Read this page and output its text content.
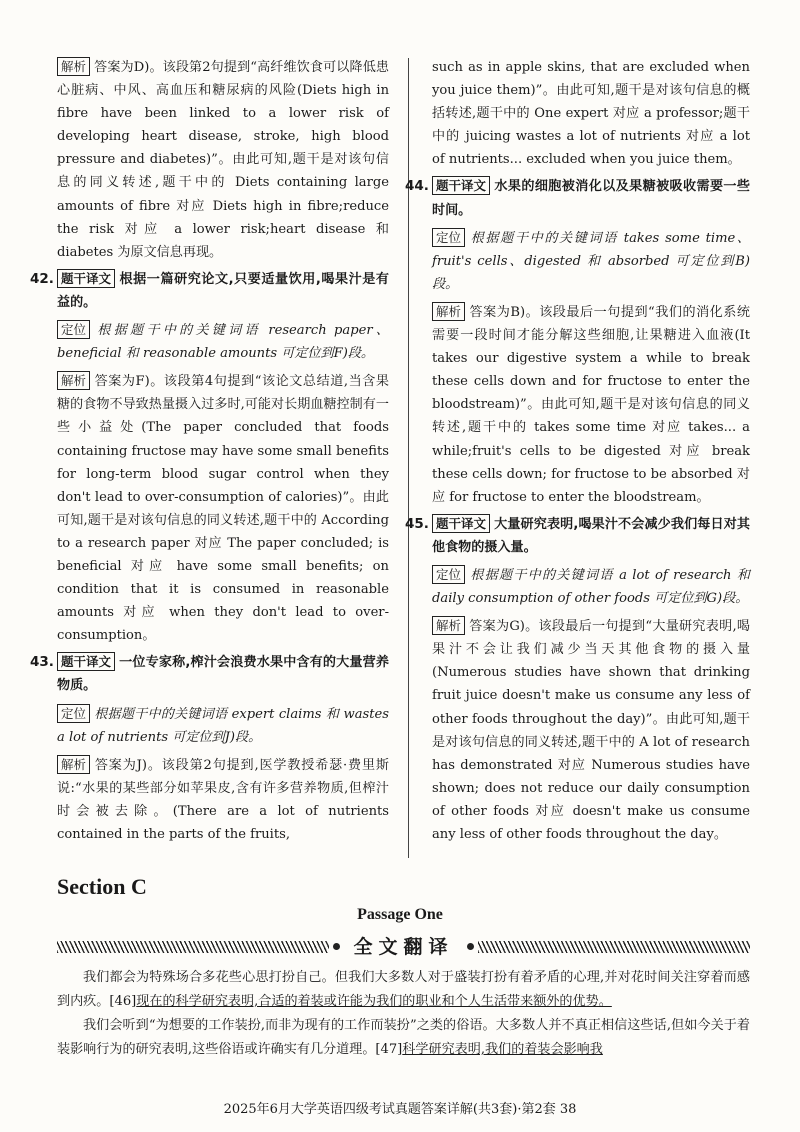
解析 答案为D)。该段第2句提到“高纤维饮食可以降低患心脏病、中风、高血压和糖尿病的风险(Diets high in fibre have been linked to a lower risk of developing heart disease, stroke, high blood pressure and diabetes)”。由此可知,题干是对该句信息的同义转述,题干中的 Diets containing large amounts of fibre 对应 Diets high in fibre;reduce the risk 对应 a lower risk;heart disease 和 diabetes 为原文信息再现。

42. 题干译文 根据一篇研究论文,只要适量饮用,喝果汁是有益的。

定位 根据题干中的关键词语 research paper、beneficial 和 reasonable amounts 可定位到F)段。

解析 答案为F)。该段第4句提到“该论文总结道,当含果糖的食物不导致热量摄入过多时,可能对长期血糖控制有一些小益处(The paper concluded that foods containing fructose may have some small benefits for long-term blood sugar control when they don't lead to over-consumption of calories)”。由此可知,题干是对该句信息的同义转述,题干中的 According to a research paper 对应 The paper concluded; is beneficial 对应 have some small benefits; on condition that it is consumed in reasonable amounts 对应 when they don't lead to over-consumption。

43. 题干译文 一位专家称,榨汁会浪费水果中含有的大量营养物质。

定位 根据题干中的关键词语 expert claims 和 wastes a lot of nutrients 可定位到J)段。

解析 答案为J)。该段第2句提到,医学教授希瑟·费里斯说:“水果的某些部分如苹果皮,含有许多营养物质,但榨汁时会被去除。(There are a lot of nutrients contained in the parts of the fruits,

such as in apple skins, that are excluded when you juice them)”。由此可知,题干是对该句信息的概括转述,题干中的 One expert 对应 a professor;题干中的 juicing wastes a lot of nutrients 对应 a lot of nutrients... excluded when you juice them。

44. 题干译文 水果的细胞被消化以及果糖被吸收需要一些时间。

定位 根据题干中的关键词语 takes some time、fruit's cells、digested 和 absorbed 可定位到B)段。

解析 答案为B)。该段最后一句提到“我们的消化系统需要一段时间才能分解这些细胞,让果糖进入血液(It takes our digestive system a while to break these cells down and for fructose to enter the bloodstream)”。由此可知,题干是对该句信息的同义转述,题干中的 takes some time 对应 takes... a while;fruit's cells to be digested 对应 break these cells down; for fructose to be absorbed 对应 for fructose to enter the bloodstream。

45. 题干译文 大量研究表明,喝果汁不会减少我们每日对其他食物的摄入量。

定位 根据题干中的关键词语 a lot of research 和 daily consumption of other foods 可定位到G)段。

解析 答案为G)。该段最后一句提到“大量研究表明,喝果汁不会让我们减少当天其他食物的摄入量(Numerous studies have shown that drinking fruit juice doesn't make us consume any less of other foods throughout the day)”。由此可知,题干是对该句信息的同义转述,题干中的 A lot of research has demonstrated 对应 Numerous studies have shown; does not reduce our daily consumption of other foods 对应 doesn't make us consume any less of other foods throughout the day。

Section C
Passage One
全文翻译

我们都会为特殊场合多花些心思打扮自己。但我们大多数人对于盛装打扮有着矛盾的心理,并对花时间关注穿着而感到内疚。[46]现在的科学研究表明,合适的着装或许能为我们的职业和个人生活带来额外的优势。

我们会听到“为想要的工作装扮,而非为现有的工作而装扮”之类的俗语。大多数人并不真正相信这些话,但如今关于着装影响行为的研究表明,这些俗语或许确实有几分道理。[47]科学研究表明,我们的着装会影响我

2025年6月大学英语四级考试真题答案详解(共3套)·第2套 38
